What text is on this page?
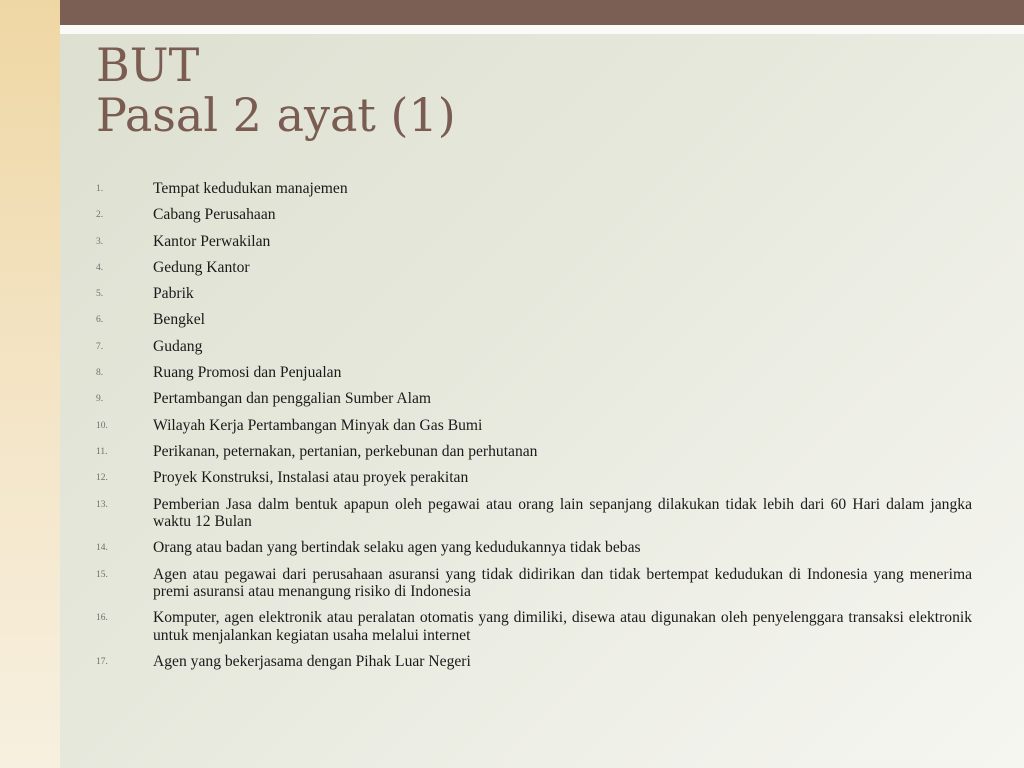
BUT
Pasal 2 ayat (1)
1.	Tempat kedudukan manajemen
2.	Cabang Perusahaan
3.	Kantor Perwakilan
4.	Gedung Kantor
5.	Pabrik
6.	Bengkel
7.	Gudang
8.	Ruang Promosi dan Penjualan
9.	Pertambangan dan penggalian Sumber Alam
10.	Wilayah Kerja Pertambangan Minyak dan Gas Bumi
11.	Perikanan, peternakan, pertanian, perkebunan dan perhutanan
12.	Proyek Konstruksi, Instalasi atau proyek perakitan
13.	Pemberian Jasa dalm bentuk apapun oleh pegawai atau orang lain sepanjang dilakukan tidak lebih dari 60 Hari dalam jangka waktu 12 Bulan
14.	Orang atau badan yang bertindak selaku agen yang kedudukannya tidak bebas
15.	Agen atau pegawai dari perusahaan asuransi yang tidak didirikan dan tidak bertempat kedudukan di Indonesia yang menerima premi asuransi atau menangung risiko di Indonesia
16.	Komputer, agen elektronik atau peralatan otomatis yang dimiliki, disewa atau digunakan oleh penyelenggara transaksi elektronik untuk menjalankan kegiatan usaha melalui internet
17.	Agen yang bekerjasama dengan Pihak Luar Negeri
